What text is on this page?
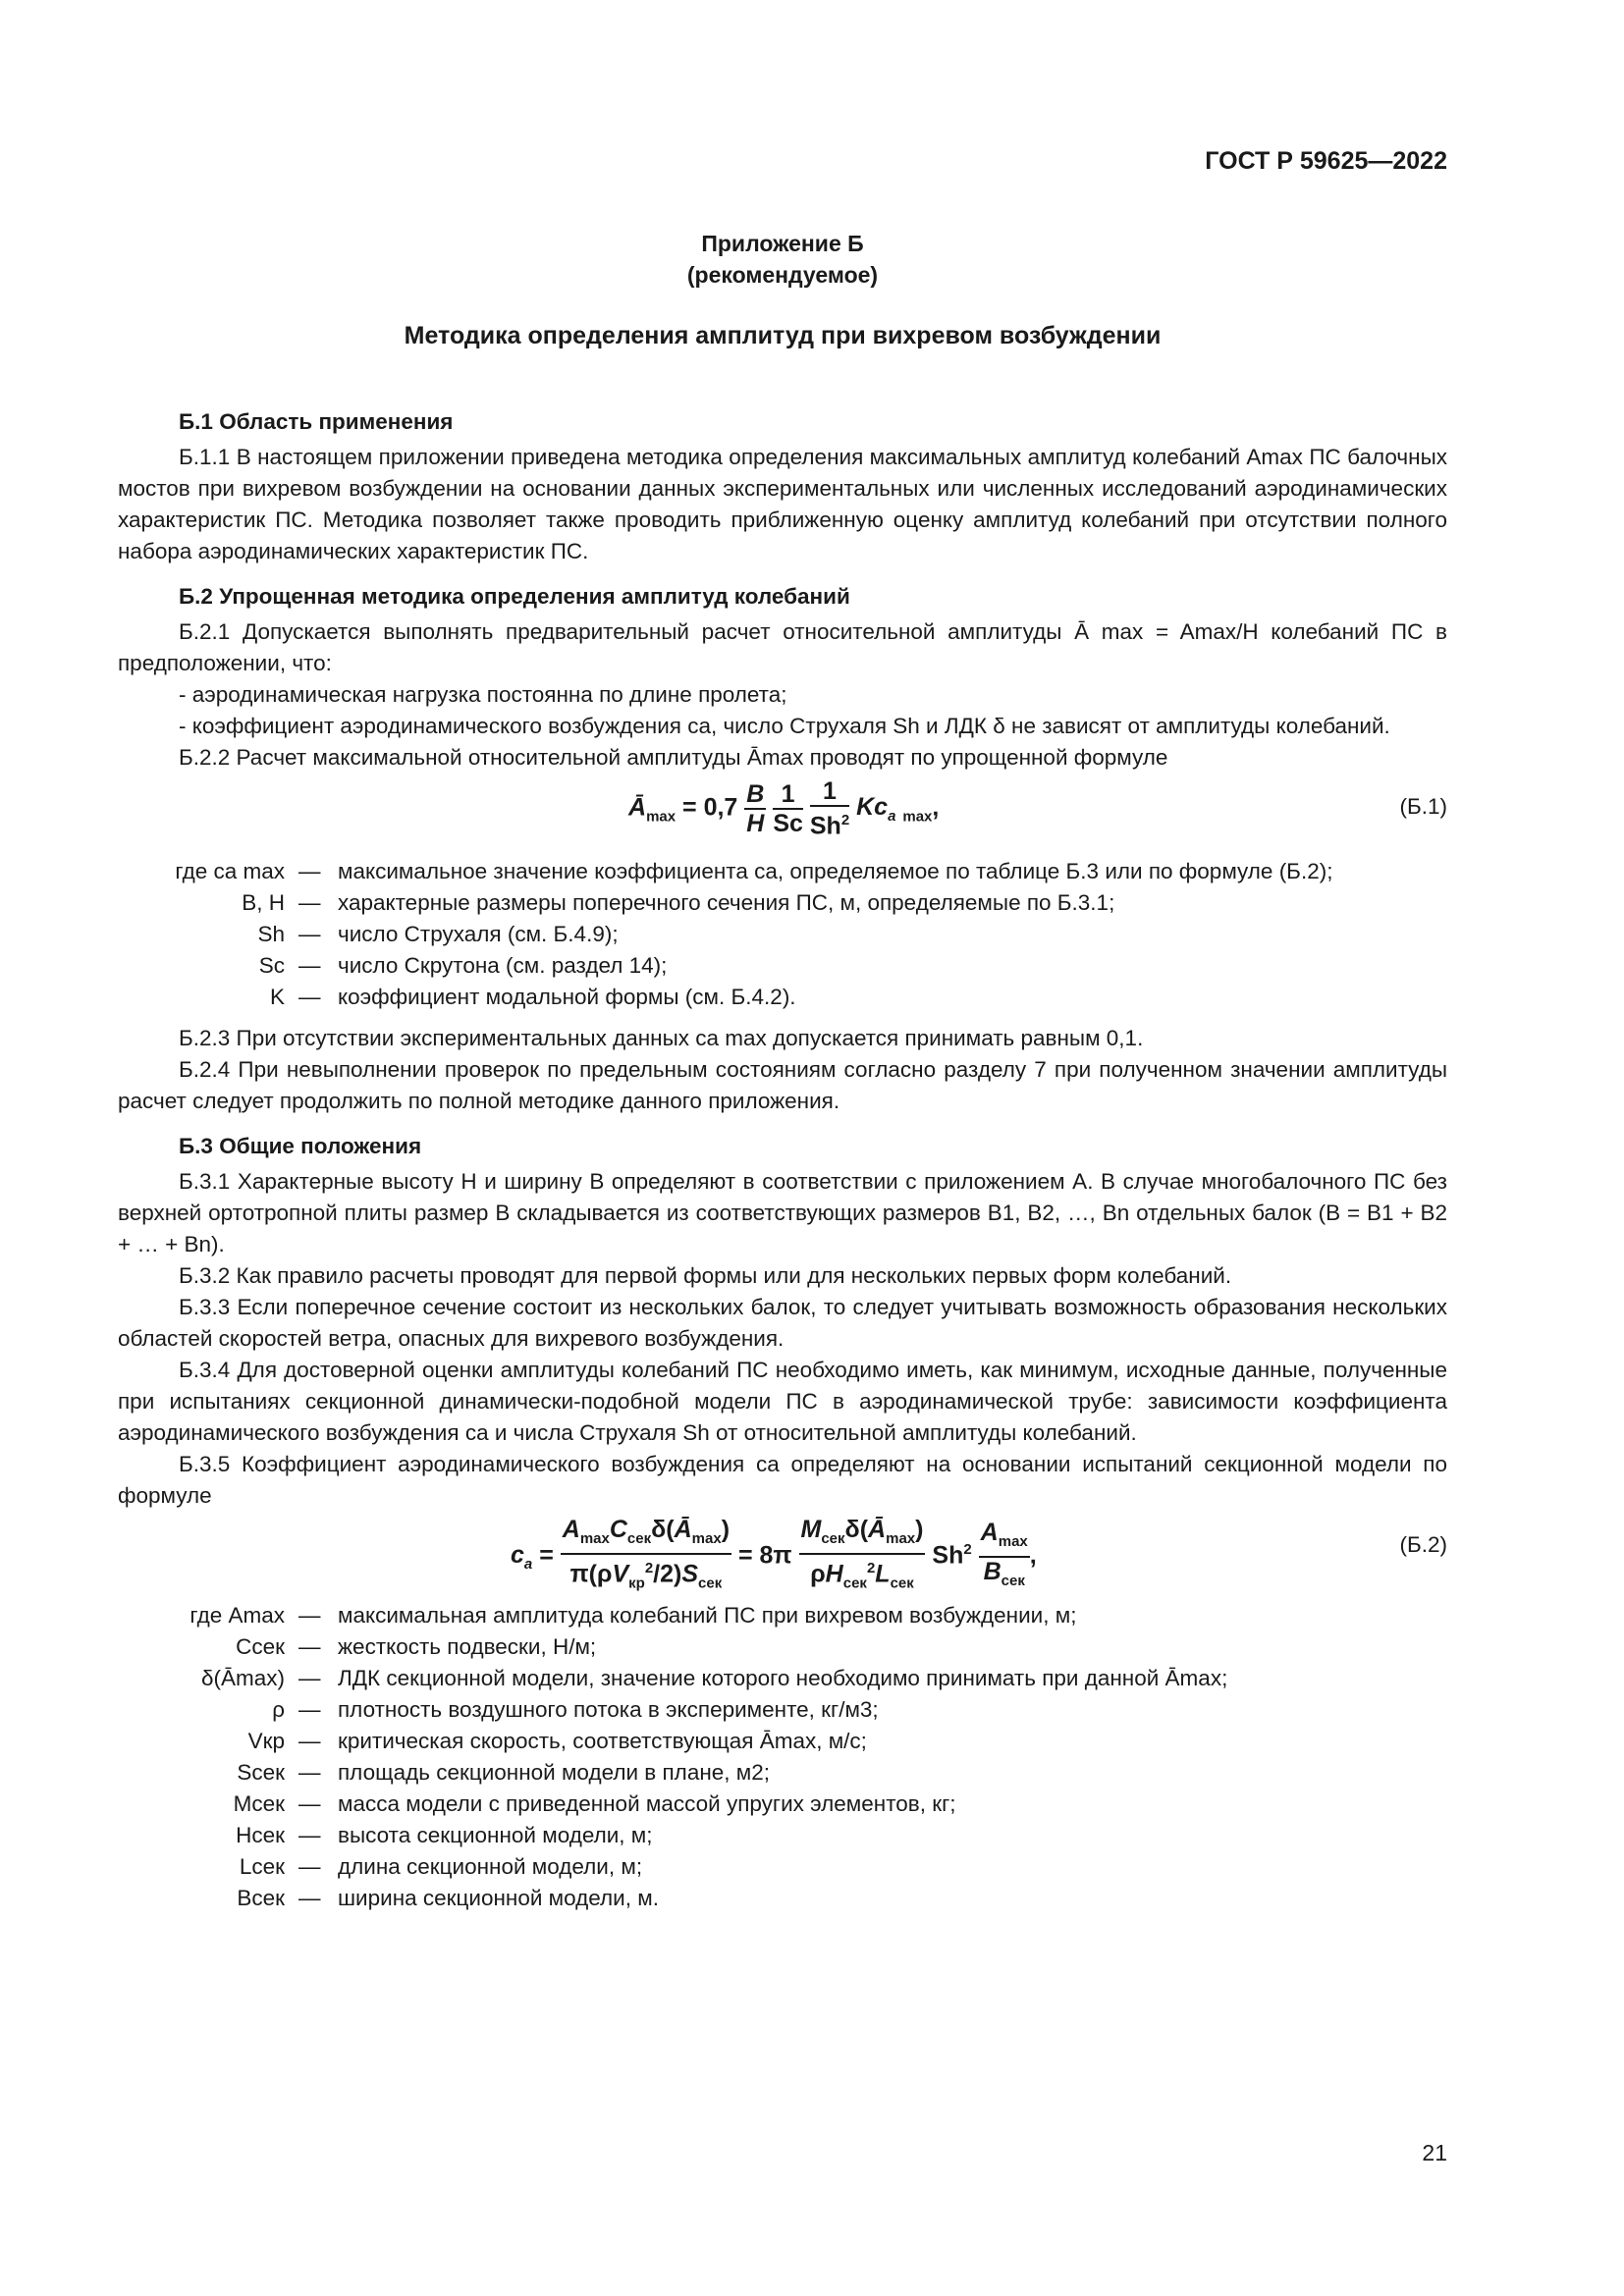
ГОСТ Р 59625—2022
Приложение Б
(рекомендуемое)
Методика определения амплитуд при вихревом возбуждении

Б.1 Область применения

Б.1.1 В настоящем приложении приведена методика определения максимальных амплитуд колебаний Amax ПС балочных мостов при вихревом возбуждении на основании данных экспериментальных или численных исследований аэродинамических характеристик ПС. Методика позволяет также проводить приближенную оценку амплитуд колебаний при отсутствии полного набора аэродинамических характеристик ПС.

Б.2 Упрощенная методика определения амплитуд колебаний

Б.2.1 Допускается выполнять предварительный расчет относительной амплитуды Ā max = Amax/H колебаний ПС в предположении, что:

- аэродинамическая нагрузка постоянна по длине пролета;

- коэффициент аэродинамического возбуждения ca, число Струхаля Sh и ЛДК δ не зависят от амплитуды колебаний.

Б.2.2 Расчет максимальной относительной амплитуды Āmax проводят по упрощенной формуле

$Ā_{max} = 0,7 \frac{B}{H}$
$\frac{1}{Sc}$
$\frac{1}{Sh^2} Kc_a$ $_{max}$,	(Б.1)
где ca max — максимальное значение коэффициента ca, определяемое по таблице Б.3 или по формуле (Б.2);
B, H — характерные размеры поперечного сечения ПС, м, определяемые по Б.3.1;
Sh — число Струхаля (см. Б.4.9);
Sc — число Скрутона (см. раздел 14);
K — коэффициент модальной формы (см. Б.4.2).

Б.2.3 При отсутствии экспериментальных данных ca max допускается принимать равным 0,1.

Б.2.4 При невыполнении проверок по предельным состояниям согласно разделу 7 при полученном значении амплитуды расчет следует продолжить по полной методике данного приложения.

Б.3 Общие положения

Б.3.1 Характерные высоту H и ширину B определяют в соответствии с приложением А. В случае многобалочного ПС без верхней ортотропной плиты размер B складывается из соответствующих размеров B1, B2, …, Bn отдельных балок (B = B1 + B2 + … + Bn).

Б.3.2 Как правило расчеты проводят для первой формы или для нескольких первых форм колебаний.

Б.3.3 Если поперечное сечение состоит из нескольких балок, то следует учитывать возможность образования нескольких областей скоростей ветра, опасных для вихревого возбуждения.

Б.3.4 Для достоверной оценки амплитуды колебаний ПС необходимо иметь, как минимум, исходные данные, полученные при испытаниях секционной динамически-подобной модели ПС в аэродинамической трубе: зависимости коэффициента аэродинамического возбуждения ca и числа Струхаля Sh от относительной амплитуды колебаний.

Б.3.5 Коэффициент аэродинамического возбуждения ca определяют на основании испытаний секционной модели по формуле

$c_a = \frac{A_{max}C_{сек}\delta(Ā_{max})}{\pi(\rho V_{кр}^2/2)S_{сек}} = 8\pi \frac{M_{сек}\delta(Ā_{max})}{\rho H_{сек}^2L_{сек}} Sh^2 \frac{A_{max}}{B_{сек}}$ ,	(Б.2)
где Amax — максимальная амплитуда колебаний ПС при вихревом возбуждении, м;
Cсек — жесткость подвески, Н/м;
δ(Āmax) — ЛДК секционной модели, значение которого необходимо принимать при данной Āmax;
ρ — плотность воздушного потока в эксперименте, кг/м3;
Vкр — критическая скорость, соответствующая Āmax, м/с;
Sсек — площадь секционной модели в плане, м2;
Mсек — масса модели с приведенной массой упругих элементов, кг;
Hсек — высота секционной модели, м;
Lсек — длина секционной модели, м;
Bсек — ширина секционной модели, м.
21
